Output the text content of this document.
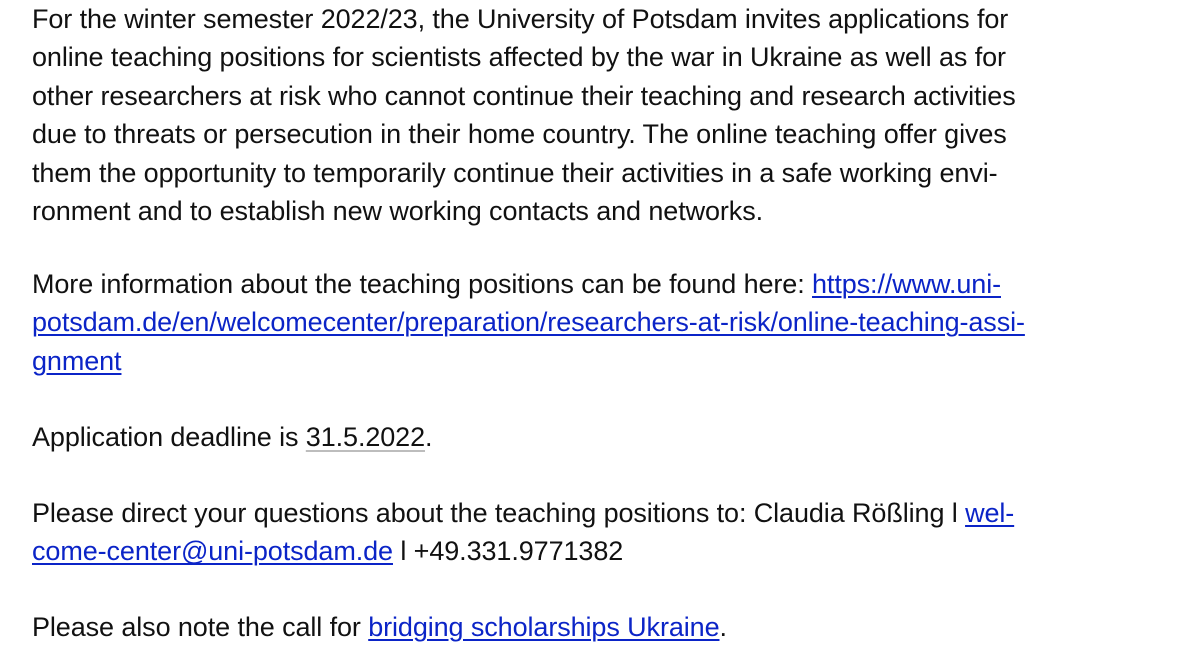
For the winter semester 2022/23, the University of Potsdam invites applications for
online teaching positions for scientists affected by the war in Ukraine as well as for
other researchers at risk who cannot continue their teaching and research activities
due to threats or persecution in their home country. The online teaching offer gives
them the opportunity to temporarily continue their activities in a safe working envi-
ronment and to establish new working contacts and networks.

More information about the teaching positions can be found here: https://www.uni-
potsdam.de/en/welcomecenter/preparation/researchers-at-risk/online-teaching-assi-
gnment

Application deadline is 31.5.2022.

Please direct your questions about the teaching positions to: Claudia Rößling l wel-
come-center@uni-potsdam.de l +49.331.9771382

Please also note the call for bridging scholarships Ukraine.
